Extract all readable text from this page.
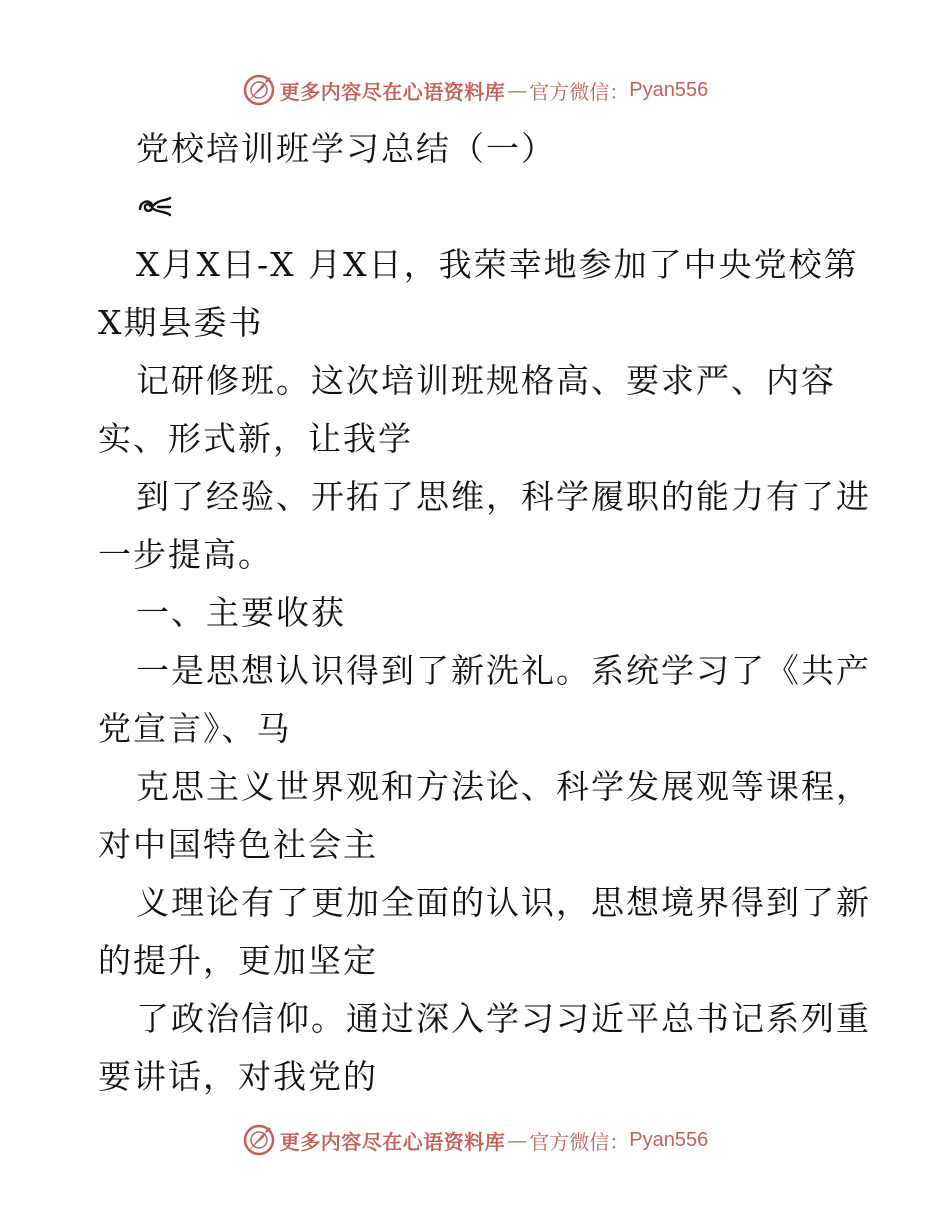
更多内容尽在心语资料库 — 官方微信： Pyan556
党校培训班学习总结（一）
X月X日-X 月X日，我荣幸地参加了中央党校第
X期县委书
记研修班。这次培训班规格高、要求严、内容
实、形式新，让我学
到了经验、开拓了思维，科学履职的能力有了进
一步提高。
一、主要收获
一是思想认识得到了新洗礼。系统学习了《共产
党宣言》、马
克思主义世界观和方法论、科学发展观等课程，
对中国特色社会主
义理论有了更加全面的认识，思想境界得到了新
的提升，更加坚定
了政治信仰。通过深入学习习近平总书记系列重
要讲话，对我党的
更多内容尽在心语资料库 — 官方微信： Pyan556
